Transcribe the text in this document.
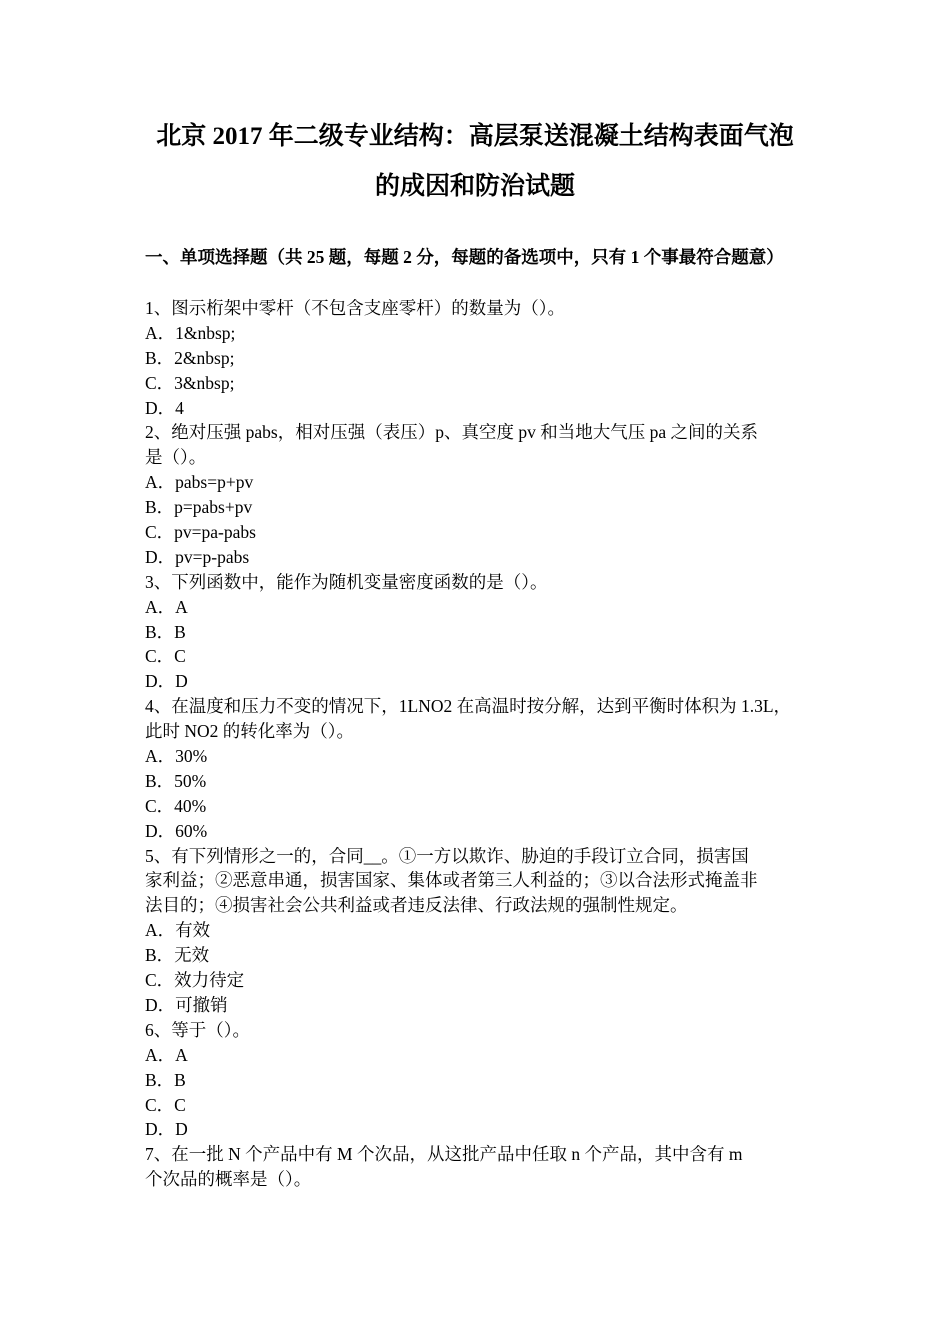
北京 2017 年二级专业结构：高层泵送混凝土结构表面气泡
的成因和防治试题
一、单项选择题（共 25 题，每题 2 分，每题的备选项中，只有 1 个事最符合题意）
1、图示桁架中零杆（不包含支座零杆）的数量为（）。
A．1&nbsp;
B．2&nbsp;
C．3&nbsp;
D．4
2、绝对压强 pabs，相对压强（表压）p、真空度 pv 和当地大气压 pa 之间的关系
是（）。
A．pabs=p+pv
B．p=pabs+pv
C．pv=pa-pabs
D．pv=p-pabs
3、下列函数中，能作为随机变量密度函数的是（）。
A．A
B．B
C．C
D．D
4、在温度和压力不变的情况下，1LNO2 在高温时按分解，达到平衡时体积为 1.3L，
此时 NO2 的转化率为（）。
A．30%
B．50%
C．40%
D．60%
5、有下列情形之一的，合同__。①一方以欺诈、胁迫的手段订立合同，损害国
家利益；②恶意串通，损害国家、集体或者第三人利益的；③以合法形式掩盖非
法目的；④损害社会公共利益或者违反法律、行政法规的强制性规定。
A．有效
B．无效
C．效力待定
D．可撤销
6、等于（）。
A．A
B．B
C．C
D．D
7、在一批 N 个产品中有 M 个次品，从这批产品中任取 n 个产品，其中含有 m
个次品的概率是（）。
